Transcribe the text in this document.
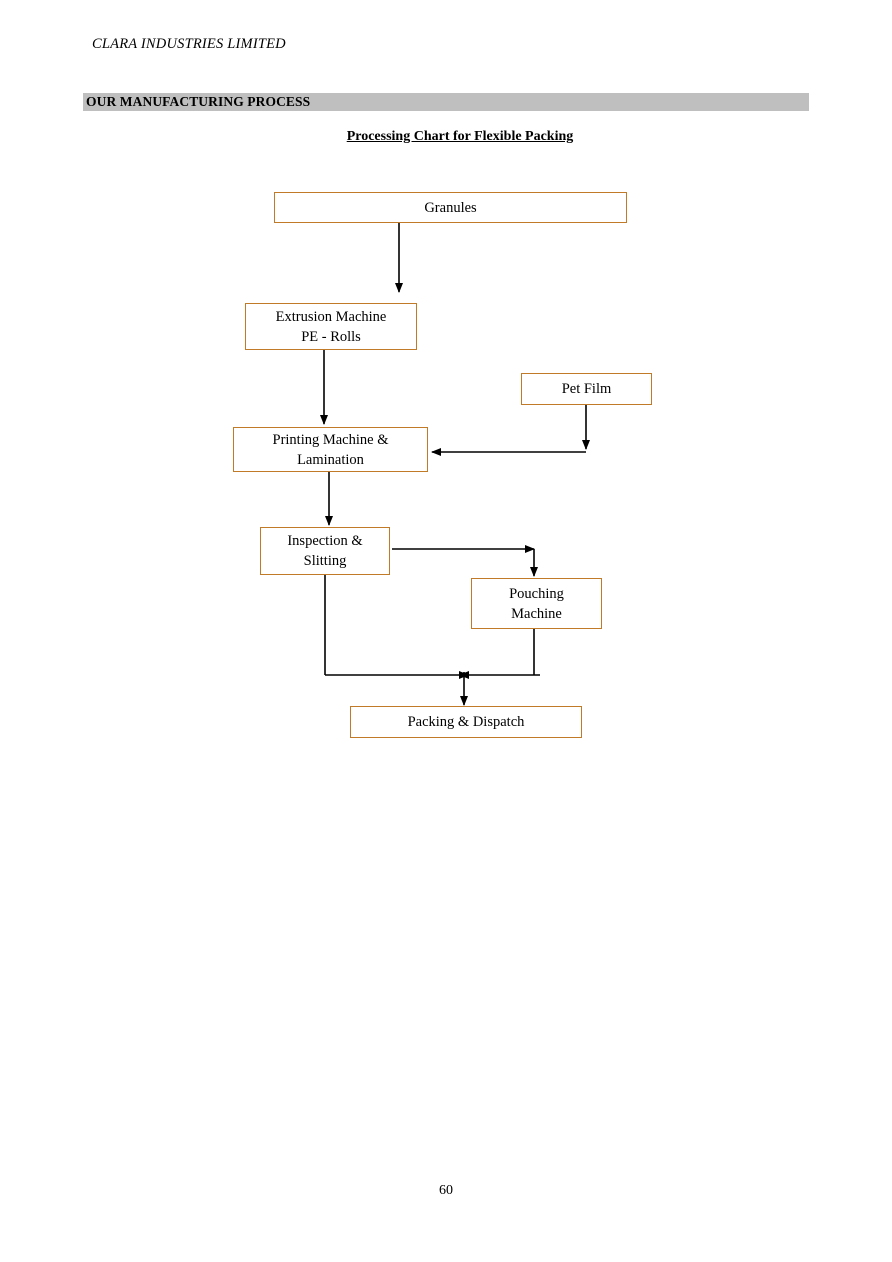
CLARA INDUSTRIES LIMITED
OUR MANUFACTURING PROCESS
Processing Chart for Flexible Packing
Granules
Extrusion Machine
PE - Rolls
Pet Film
Printing Machine &
Lamination
Inspection &
Slitting
Pouching
Machine
Packing & Dispatch
60
